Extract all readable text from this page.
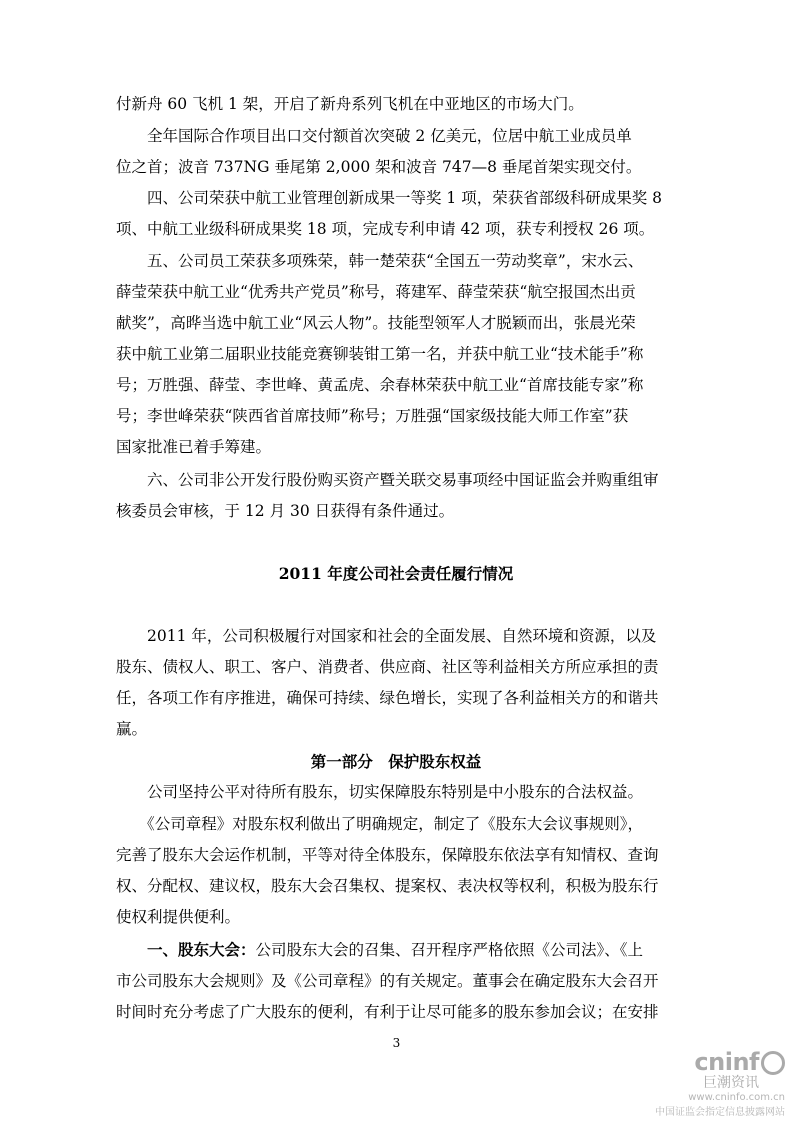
付新舟 60 飞机 1 架，开启了新舟系列飞机在中亚地区的市场大门。
　　全年国际合作项目出口交付额首次突破 2 亿美元，位居中航工业成员单
位之首；波音 737NG 垂尾第 2,000 架和波音 747—8 垂尾首架实现交付。
　　四、公司荣获中航工业管理创新成果一等奖 1 项，荣获省部级科研成果奖 8
项、中航工业级科研成果奖 18 项，完成专利申请 42 项，获专利授权 26 项。
　　五、公司员工荣获多项殊荣，韩一楚荣获“全国五一劳动奖章”，宋水云、
薛莹荣获中航工业“优秀共产党员”称号，蒋建军、薛莹荣获“航空报国杰出贡
献奖”，高晔当选中航工业“风云人物”。技能型领军人才脱颖而出，张晨光荣
获中航工业第二届职业技能竞赛铆装钳工第一名，并获中航工业“技术能手”称
号；万胜强、薛莹、李世峰、黄孟虎、余春林荣获中航工业“首席技能专家”称
号；李世峰荣获“陕西省首席技师”称号；万胜强“国家级技能大师工作室”获
国家批准已着手筹建。
　　六、公司非公开发行股份购买资产暨关联交易事项经中国证监会并购重组审
核委员会审核，于 12 月 30 日获得有条件通过。
2011 年度公司社会责任履行情况
　　2011 年，公司积极履行对国家和社会的全面发展、自然环境和资源，以及
股东、债权人、职工、客户、消费者、供应商、社区等利益相关方所应承担的责
任，各项工作有序推进，确保可持续、绿色增长，实现了各利益相关方的和谐共
赢。
第一部分　保护股东权益
　　公司坚持公平对待所有股东，切实保障股东特别是中小股东的合法权益。
　　《公司章程》对股东权利做出了明确规定，制定了《股东大会议事规则》，
完善了股东大会运作机制，平等对待全体股东，保障股东依法享有知情权、查询
权、分配权、建议权，股东大会召集权、提案权、表决权等权利，积极为股东行
使权利提供便利。
　　一、股东大会：公司股东大会的召集、召开程序严格依照《公司法》、《上
市公司股东大会规则》及《公司章程》的有关规定。董事会在确定股东大会召开
时间时充分考虑了广大股东的便利，有利于让尽可能多的股东参加会议；在安排
3
cninf
巨潮资讯
www.cninfo.com.cn
中国证监会指定信息披露网站
